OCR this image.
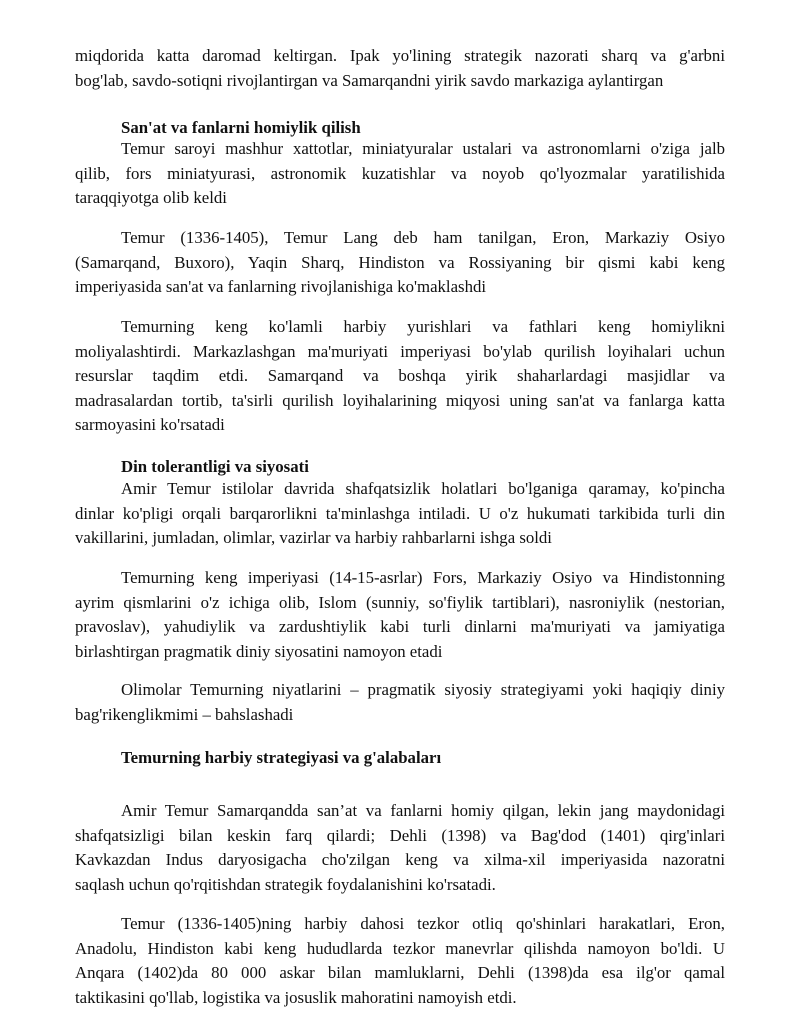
miqdorida katta daromad keltirgan. Ipak yo'lining strategik nazorati sharq va g'arbni
bog'lab, savdo-sotiqni rivojlantirgan va Samarqandni yirik savdo markaziga aylantirgan

San'at va fanlarni homiylik qilish

Temur saroyi mashhur xattotlar, miniatyuralar ustalari va astronomlarni o'ziga jalb
qilib, fors miniatyurasi, astronomik kuzatishlar va noyob qo'lyozmalar yaratilishida
taraqqiyotga olib keldi

Temur (1336-1405), Temur Lang deb ham tanilgan, Eron, Markaziy Osiyo
(Samarqand, Buxoro), Yaqin Sharq, Hindiston va Rossiyaning bir qismi kabi keng
imperiyasida san'at va fanlarning rivojlanishiga ko'maklashdi

Temurning keng ko'lamli harbiy yurishlari va fathlari keng homiylikni
moliyalashtirdi. Markazlashgan ma'muriyati imperiyasi bo'ylab qurilish loyihalari uchun
resurslar taqdim etdi. Samarqand va boshqa yirik shaharlardagi masjidlar va
madrasalardan tortib, ta'sirli qurilish loyihalarining miqyosi uning san'at va fanlarga katta
sarmoyasini ko'rsatadi

Din tolerantligi va siyosati

Amir Temur istilolar davrida shafqatsizlik holatlari bo'lganiga qaramay, ko'pincha
dinlar ko'pligi orqali barqarorlikni ta'minlashga intiladi. U o'z hukumati tarkibida turli din
vakillarini, jumladan, olimlar, vazirlar va harbiy rahbarlarni ishga soldi

Temurning keng imperiyasi (14-15-asrlar) Fors, Markaziy Osiyo va Hindistonning
ayrim qismlarini o'z ichiga olib, Islom (sunniy, so'fiylik tartiblari), nasroniylik (nestorian,
pravoslav), yahudiylik va zardushtiylik kabi turli dinlarni ma'muriyati va jamiyatiga
birlashtirgan pragmatik diniy siyosatini namoyon etadi

Olimolar Temurning niyatlarini – pragmatik siyosiy strategiyami yoki haqiqiy diniy
bag'rikenglikmimi – bahslashadi

Temurning harbiy strategiyasi va g'alabaları

Amir Temur Samarqandda san’at va fanlarni homiy qilgan, lekin jang maydonidagi
shafqatsizligi bilan keskin farq qilardi; Dehli (1398) va Bag'dod (1401) qirg'inlari
Kavkazdan Indus daryosigacha cho'zilgan keng va xilma-xil imperiyasida nazoratni
saqlash uchun qo'rqitishdan strategik foydalanishini ko'rsatadi.

Temur (1336-1405)ning harbiy dahosi tezkor otliq qo'shinlari harakatlari, Eron,
Anadolu, Hindiston kabi keng hududlarda tezkor manevrlar qilishda namoyon bo'ldi. U
Anqara (1402)da 80 000 askar bilan mamluklarni, Dehli (1398)da esa ilg'or qamal
taktikasini qo'llab, logistika va josuslik mahoratini namoyish etdi.
